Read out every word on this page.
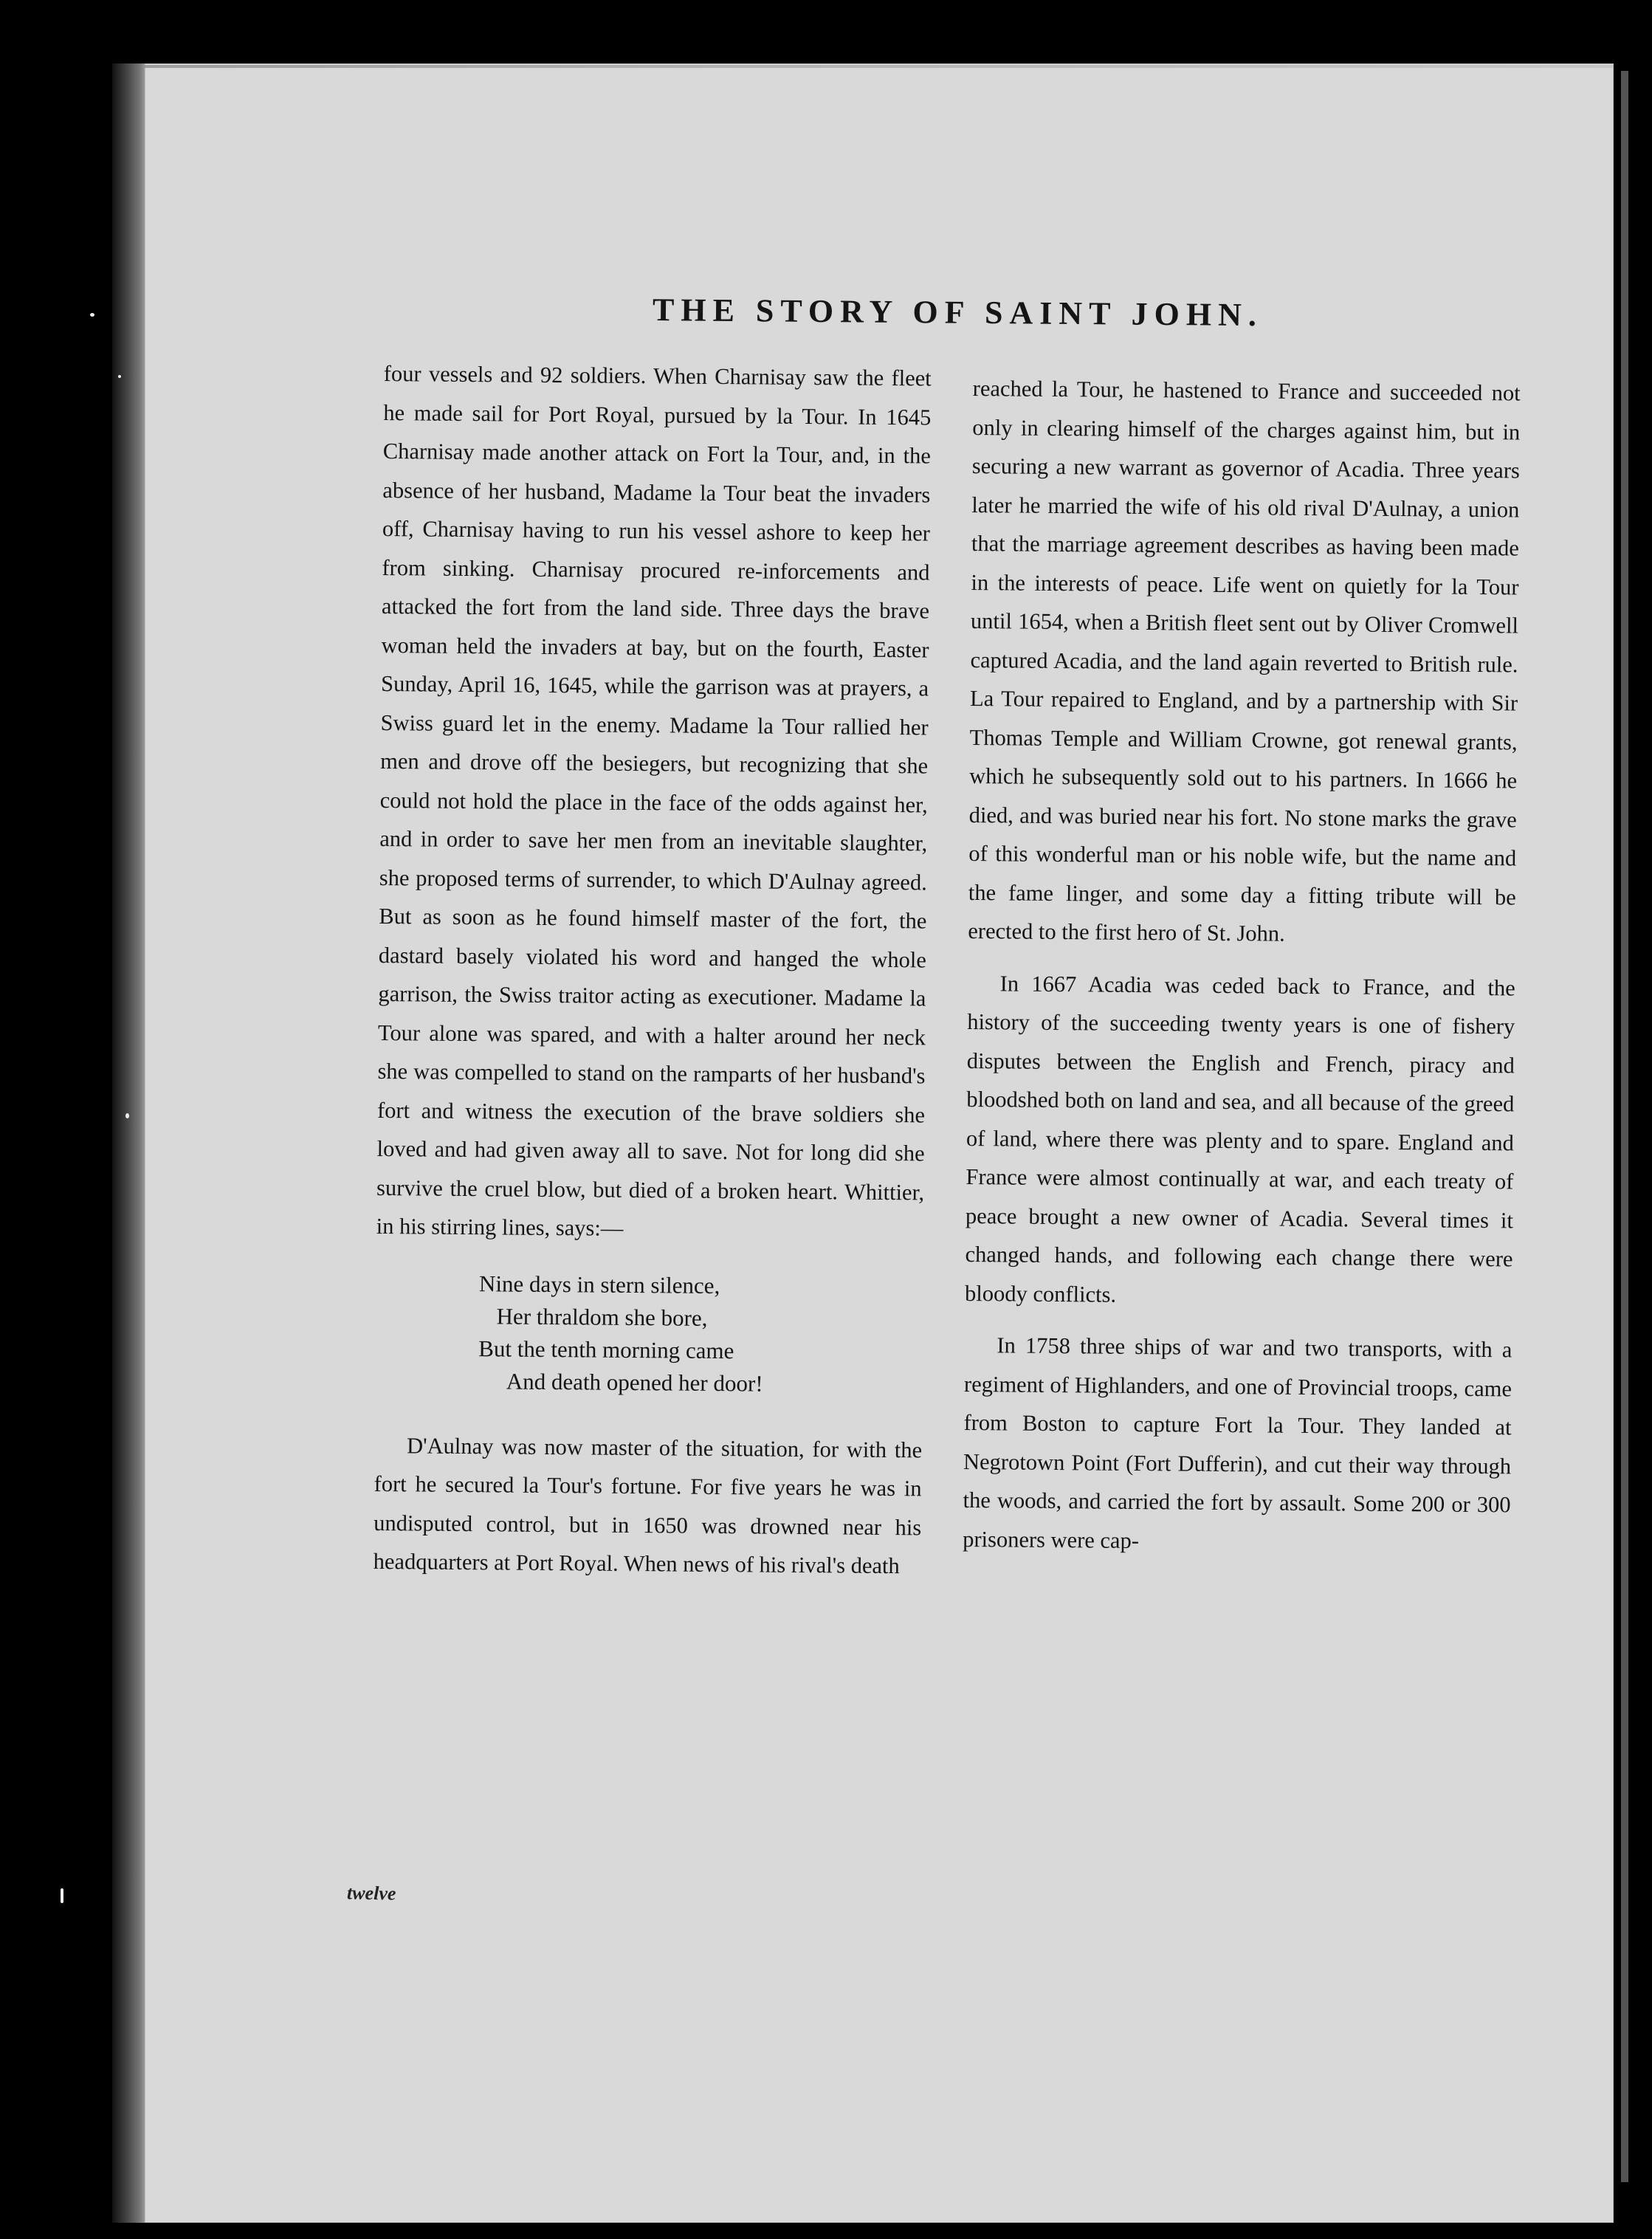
THE STORY OF SAINT JOHN.

four vessels and 92 soldiers. When Charnisay saw the fleet he made sail for Port Royal, pursued by la Tour. In 1645 Charnisay made another attack on Fort la Tour, and, in the absence of her husband, Madame la Tour beat the invaders off, Charnisay having to run his vessel ashore to keep her from sinking. Charnisay procured re-inforcements and attacked the fort from the land side. Three days the brave woman held the invaders at bay, but on the fourth, Easter Sunday, April 16, 1645, while the garrison was at prayers, a Swiss guard let in the enemy. Madame la Tour rallied her men and drove off the besiegers, but recognizing that she could not hold the place in the face of the odds against her, and in order to save her men from an inevitable slaughter, she proposed terms of surrender, to which D'Aulnay agreed. But as soon as he found himself master of the fort, the dastard basely violated his word and hanged the whole garrison, the Swiss traitor acting as executioner. Madame la Tour alone was spared, and with a halter around her neck she was compelled to stand on the ramparts of her husband's fort and witness the execution of the brave soldiers she loved and had given away all to save. Not for long did she survive the cruel blow, but died of a broken heart. Whittier, in his stirring lines, says:—

Nine days in stern silence,
Her thraldom she bore,
But the tenth morning came
And death opened her door!

D'Aulnay was now master of the situation, for with the fort he secured la Tour's fortune. For five years he was in undisputed control, but in 1650 was drowned near his headquarters at Port Royal. When news of his rival's death

reached la Tour, he hastened to France and succeeded not only in clearing himself of the charges against him, but in securing a new warrant as governor of Acadia. Three years later he married the wife of his old rival D'Aulnay, a union that the marriage agreement describes as having been made in the interests of peace. Life went on quietly for la Tour until 1654, when a British fleet sent out by Oliver Cromwell captured Acadia, and the land again reverted to British rule. La Tour repaired to England, and by a partnership with Sir Thomas Temple and William Crowne, got renewal grants, which he subsequently sold out to his partners. In 1666 he died, and was buried near his fort. No stone marks the grave of this wonderful man or his noble wife, but the name and the fame linger, and some day a fitting tribute will be erected to the first hero of St. John.

In 1667 Acadia was ceded back to France, and the history of the succeeding twenty years is one of fishery disputes between the English and French, piracy and bloodshed both on land and sea, and all because of the greed of land, where there was plenty and to spare. England and France were almost continually at war, and each treaty of peace brought a new owner of Acadia. Several times it changed hands, and following each change there were bloody conflicts.

In 1758 three ships of war and two transports, with a regiment of Highlanders, and one of Provincial troops, came from Boston to capture Fort la Tour. They landed at Negrotown Point (Fort Dufferin), and cut their way through the woods, and carried the fort by assault. Some 200 or 300 prisoners were cap-

twelve
